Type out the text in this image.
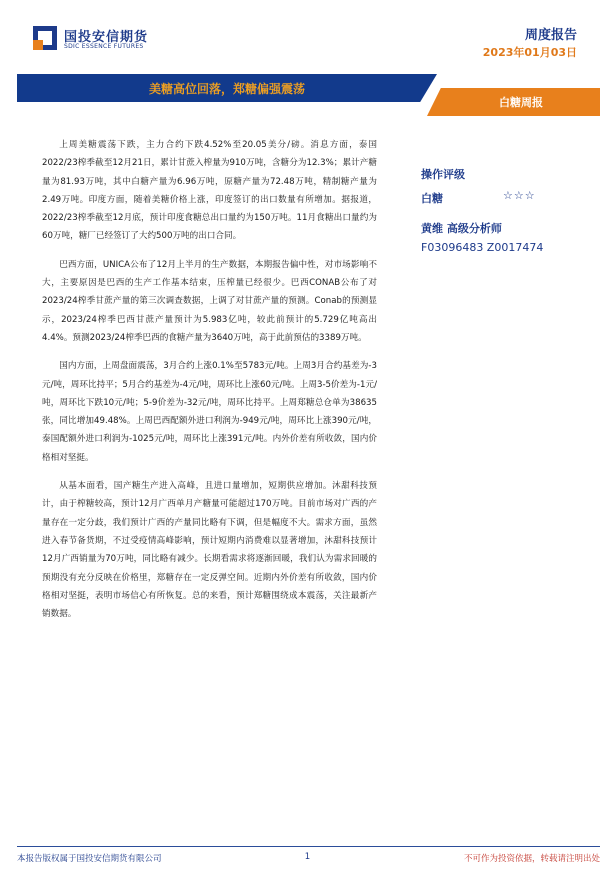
国投安信期货
SDIC ESSENCE FUTURES
周度报告
2023年01月03日
美糖高位回落，郑糖偏强震荡
白糖周报

上周美糖震荡下跌，主力合约下跌4.52%至20.05美分/磅。消息方面，泰国2022/23榨季截至12月21日，累计甘蔗入榨量为910万吨，含糖分为12.3%；累计产糖量为81.93万吨，其中白糖产量为6.96万吨，原糖产量为72.48万吨，精制糖产量为2.49万吨。印度方面，随着美糖价格上涨，印度签订的出口数量有所增加。据报道，2022/23榨季截至12月底，预计印度食糖总出口量约为150万吨。11月食糖出口量约为60万吨，糖厂已经签订了大约500万吨的出口合同。

巴西方面，UNICA公布了12月上半月的生产数据，本期报告偏中性，对市场影响不大，主要原因是巴西的生产工作基本结束，压榨量已经很少。巴西CONAB公布了对2023/24榨季甘蔗产量的第三次调查数据，上调了对甘蔗产量的预测。Conab的预测显示，2023/24榨季巴西甘蔗产量预计为5.983亿吨，较此前预计的5.729亿吨高出4.4%。预测2023/24榨季巴西的食糖产量为3640万吨，高于此前预估的3389万吨。

国内方面，上周盘面震荡，3月合约上涨0.1%至5783元/吨。上周3月合约基差为-3元/吨，周环比持平；5月合约基差为-4元/吨，周环比上涨60元/吨。上周3-5价差为-1元/吨，周环比下跌10元/吨；5-9价差为-32元/吨，周环比持平。上周郑糖总仓单为38635张，同比增加49.48%。上周巴西配额外进口利润为-949元/吨，周环比上涨390元/吨，泰国配额外进口利润为-1025元/吨，周环比上涨391元/吨。内外价差有所收敛，国内价格相对坚挺。

从基本面看，国产糖生产进入高峰，且进口量增加，短期供应增加。沐甜科技预计，由于榨糖较高，预计12月广西单月产糖量可能超过170万吨。目前市场对广西的产量存在一定分歧，我们预计广西的产量同比略有下调，但是幅度不大。需求方面，虽然进入春节备货期，不过受疫情高峰影响，预计短期内消费难以显著增加，沐甜科技预计12月广西销量为70万吨，同比略有减少。长期看需求将逐渐回暖，我们认为需求回暖的预期没有充分反映在价格里，郑糖存在一定反弹空间。近期内外价差有所收敛，国内价格相对坚挺，表明市场信心有所恢复。总的来看，预计郑糖围绕成本震荡，关注最新产销数据。

操作评级
白糖	☆☆☆
黄维 高级分析师
F03096483 Z0017474
本报告版权属于国投安信期货有限公司	1	不可作为投资依据，转载请注明出处
